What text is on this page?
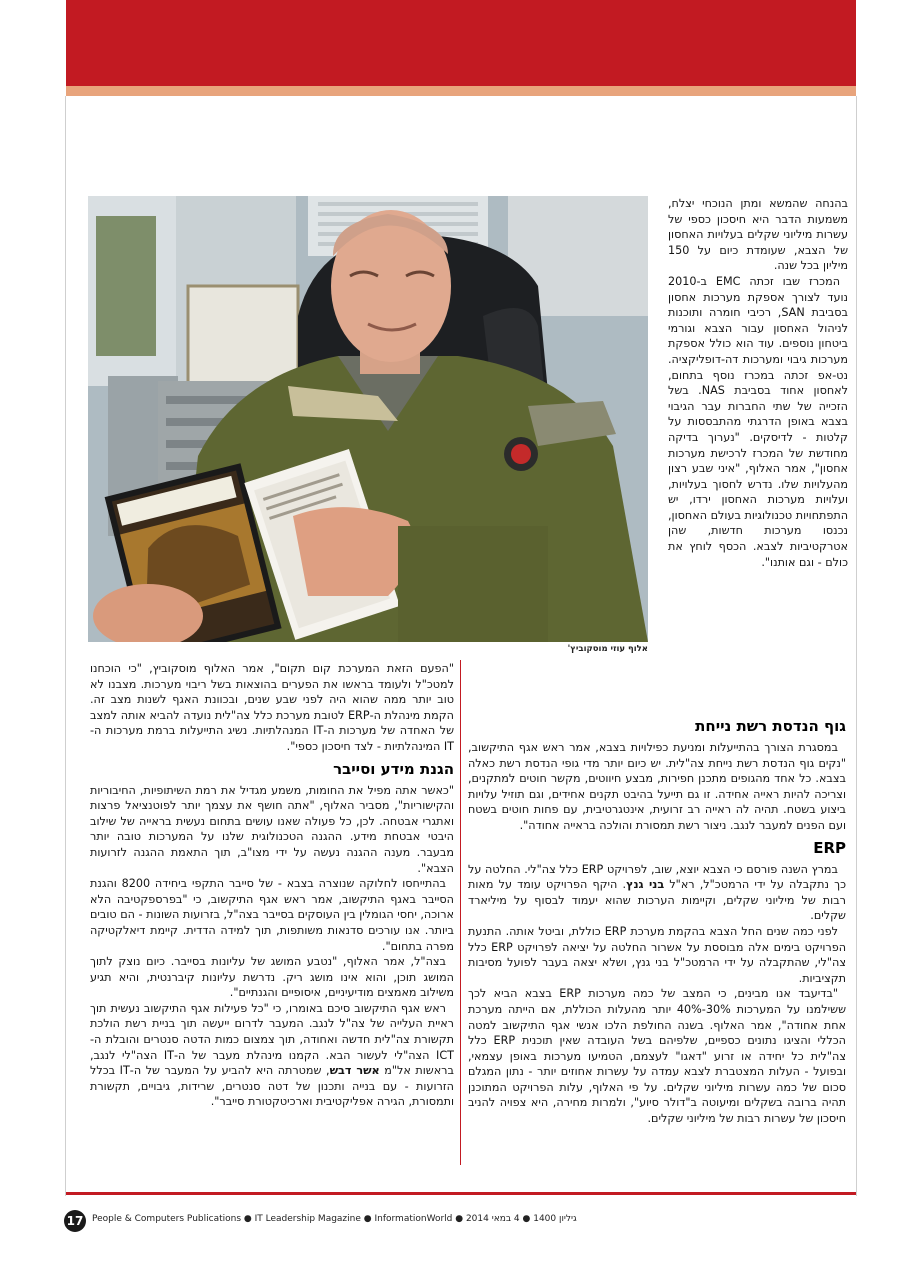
אלוף עוזי מוסקוביץ'

בהנחה שהמשא ומתן הנוכחי יצלח, משמעות הדבר היא חיסכון כספי של עשרות מיליוני שקלים בעלויות האחסון של הצבא, שעומדת כיום על 150 מיליון בכל שנה.

המכרז שבו זכתה EMC ב-2010 נועד לצורך אספקת מערכות אחסון בסביבת SAN, רכיבי חומרה ותוכנות לניהול האחסון עבור הצבא וגורמי ביטחון נוספים. עוד הוא כולל אספקת מערכות גיבוי ומערכות דה-דופליקציה. נט-אפ זכתה במכרז נוסף בתחום, לאחסון אחוד בסביבת NAS. בשל הזכייה של שתי החברות עבר הגיבוי בצבא באופן הדרגתי מהתבססות על קלטות - לדיסקים. "נערוך בדיקה מחודשת של המכרז לרכישת מערכות אחסון", אמר האלוף, "איני שבע רצון מהעלויות שלו. נדרש לחסוך בעלויות, ועלויות מערכות האחסון ירדו, יש התפתחויות טכנולוגיות בעולם האחסון, נכנסו מערכות חדשות, שהן אטרקטיביות לצבא. הכסף לוחץ את כולם - וגם אותנו".

גוף הנדסת רשת נייחת

במסגרת הצורך בהתייעלות ומניעת כפילויות בצבא, אמר ראש אגף התיקשוב, "נקים גוף הנדסת רשת נייחת צה"לית. יש כיום יותר מדי גופי הנדסת רשת כאלה בצבא. כל אחד מהגופים מתכנן חפירות, מבצע חיווטים, מקשר חוטים למתקנים, וצריכה להיות ראייה אחידה. זו גם תייעל בהיבט תקנים אחידים, וגם תוזיל עלויות ביצוע בשטח. תהיה לה ראייה רב זרועית, אינטגרטיבית, עם פחות חוטים בשטח ועם הפנים למעבר לנגב. ניצור רשת תמסורת והולכה בראייה אחודה".

ERP

במרץ השנה פורסם כי הצבא יוצא, שוב, לפרויקט ERP כלל צה"לי. החלטה על כך נתקבלה על ידי הרמטכ"ל, רא"ל בני גנץ. היקף הפרויקט עומד על מאות רבות של מיליוני שקלים, וקיימות הערכות שהוא יעמוד לבסוף על מיליארד שקלים.

לפני כמה שנים החל הצבא בהקמת מערכת ERP כוללת, וביטל אותה. התנעת הפרויקט בימים אלה מבוססת על אשרור החלטה על יציאה לפרויקט ERP כלל צה"לי, שהתקבלה על ידי הרמטכ"ל בני גנץ, ושלא יצאה בעבר לפועל מסיבות תקציביות.

"בדיעבד אנו מבינים, כי המצב של כמה מערכות ERP בצבא הביא לכך ששילמנו על המערכות 30%-40% יותר מהעלות הכוללת, אם הייתה מערכת אחת אחודה", אמר האלוף. בשנה החולפת הלכו אנשי אגף התיקשוב למטה הכללי והציגו נתונים כספיים, שלפיהם בשל העובדה שאין תוכנית ERP כלל צה"לית כל יחידה או זרוע "דאגו" לעצמם, הטמיעו מערכות באופן עצמאי, ובפועל - העלות המצטברת לצבא עמדה על עשרות אחוזים יותר - נתון המגלם סכום של כמה עשרות מיליוני שקלים. על פי האלוף, עלות הפרויקט המתוכנן תהיה ברובה בשקלים ומיעוטה ב"דולר סיוע", ולמרות מחירה, היא צפויה להניב חיסכון של עשרות רבות של מיליוני שקלים.

"הפעם הזאת המערכת קום תקום", אמר האלוף מוסקוביץ, "כי הוכחנו למטכ"ל ולעומד בראשו את הפערים בהוצאות בשל ריבוי מערכות. מצבנו לא טוב יותר ממה שהוא היה לפני שבע שנים, ובכוונת האגף לשנות מצב זה. הקמת מינהלת ה-ERP לטובת מערכת כלל צה"לית נועדה להביא אותה למצב של האחדה של מערכות ה-IT המנהלתיות. נשיג התייעלות ברמת מערכות ה-IT המינהלתיות - לצד חיסכון כספי".

הגנת מידע וסייבר

"כאשר אתה מפיל את החומות, משמע מגדיל את רמת השיתופיות, החיבוריות והקישוריות", מסביר האלוף, "אתה חושף את עצמך יותר לפוטנציאל פרצות ואתגרי אבטחה. לכן, כל פעולה שאנו עושים בתחום נעשית בראייה של שילוב היבטי אבטחת מידע. ההגנה הטכנולוגית שלנו על המערכות טובה יותר מבעבר. מענה ההגנה נעשה על ידי מצו"ב, תוך התאמת ההגנה לזרועות הצבא".

בהתייחסו לחלוקה שנוצרה בצבא - של סייבר התקפי ביחידה 8200 והגנת הסייבר באגף התיקשוב, אמר ראש אגף התיקשוב, כי "בפרספקטיבה הלא ארוכה, יחסי הגומלין בין העוסקים בסייבר בצה"ל, בזרועות השונות - הם טובים ביותר. אנו עורכים סדנאות משותפות, תוך למידה הדדית. קיימת דיאלקטיקה מפרה בתחום".

בצה"ל, אמר האלוף, "נטבע המושג של עליונות בסייבר. כיום נוצק לתוך המושג תוכן, והוא אינו מושג ריק. נדרשת עליונות קיברנטית, והיא תגיע משילוב מאמצים מודיעיניים, איסופיים והגנתיים".

ראש אגף התיקשוב סיכם באומרו, כי "כל פעילות אגף התיקשוב נעשית תוך ראיית העלייה של צה"ל לנגב. המעבר לדרום ייעשה תוך בניית רשת הולכת תקשורת צה"לית חדשה ואחודה, תוך צמצום כמות הדטה סנטרים והובלת ה-ICT הצה"לי לעשור הבא. הקמנו מינהלת מעבר של ה-IT הצה"לי לנגב, בראשות אל"מ אשר דבש, שמטרתה היא להביע על המעבר של ה-IT בכלל הזרועות - עם בנייה ותכנון של דטה סנטרים, שרידות, גיבויים, תקשורת ותמסורת, הגירה אפליקטיבית וארכיטקטורת סייבר".

17 People & Computers Publications ● IT Leadership Magazine ● InformationWorld ● גיליון 1400 ● 4 במאי 2014
